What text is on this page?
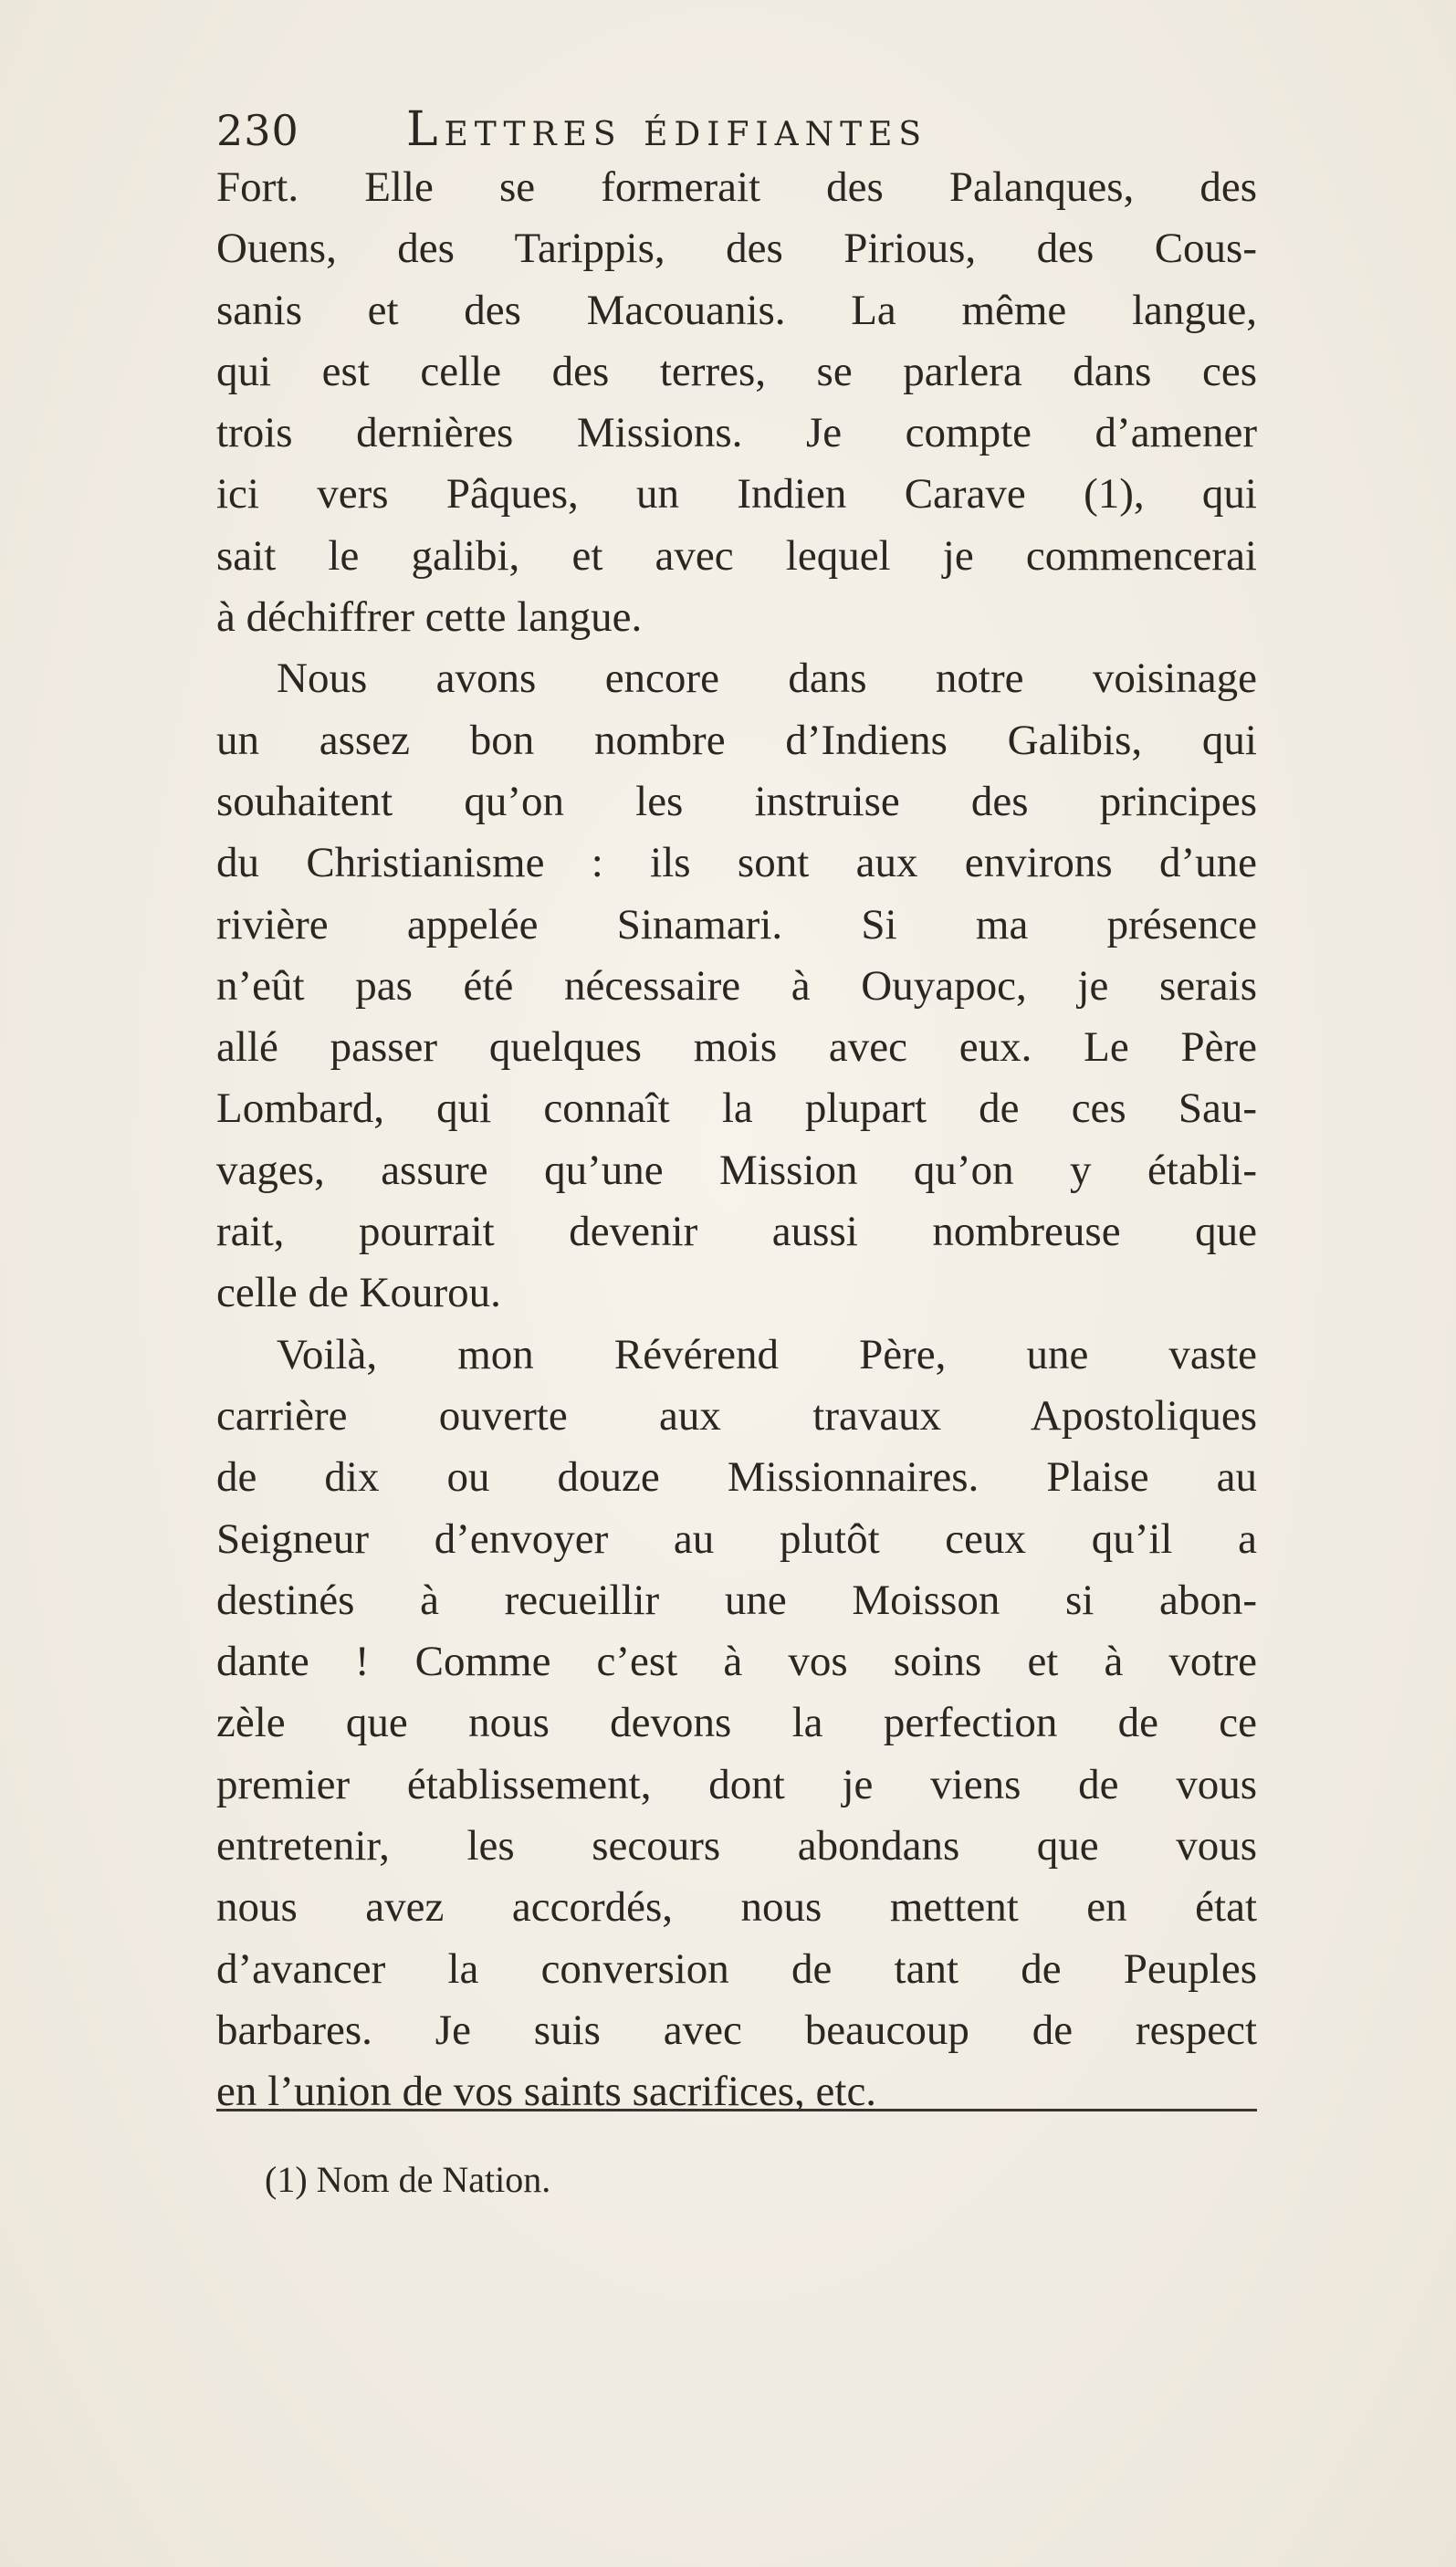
230 Lettres édifiantes
Fort. Elle se formerait des Palanques, des
Ouens, des Tarippis, des Pirious, des Cous-
sanis et des Macouanis. La même langue,
qui est celle des terres, se parlera dans ces
trois dernières Missions. Je compte d’amener
ici vers Pâques, un Indien Carave (1), qui
sait le galibi, et avec lequel je commencerai
à déchiffrer cette langue.
Nous avons encore dans notre voisinage
un assez bon nombre d’Indiens Galibis, qui
souhaitent qu’on les instruise des principes
du Christianisme : ils sont aux environs d’une
rivière appelée Sinamari. Si ma présence
n’eût pas été nécessaire à Ouyapoc, je serais
allé passer quelques mois avec eux. Le Père
Lombard, qui connaît la plupart de ces Sau-
vages, assure qu’une Mission qu’on y établi-
rait, pourrait devenir aussi nombreuse que
celle de Kourou.
Voilà, mon Révérend Père, une vaste
carrière ouverte aux travaux Apostoliques
de dix ou douze Missionnaires. Plaise au
Seigneur d’envoyer au plutôt ceux qu’il a
destinés à recueillir une Moisson si abon-
dante ! Comme c’est à vos soins et à votre
zèle que nous devons la perfection de ce
premier établissement, dont je viens de vous
entretenir, les secours abondans que vous
nous avez accordés, nous mettent en état
d’avancer la conversion de tant de Peuples
barbares. Je suis avec beaucoup de respect
en l’union de vos saints sacrifices, etc.
(1) Nom de Nation.
